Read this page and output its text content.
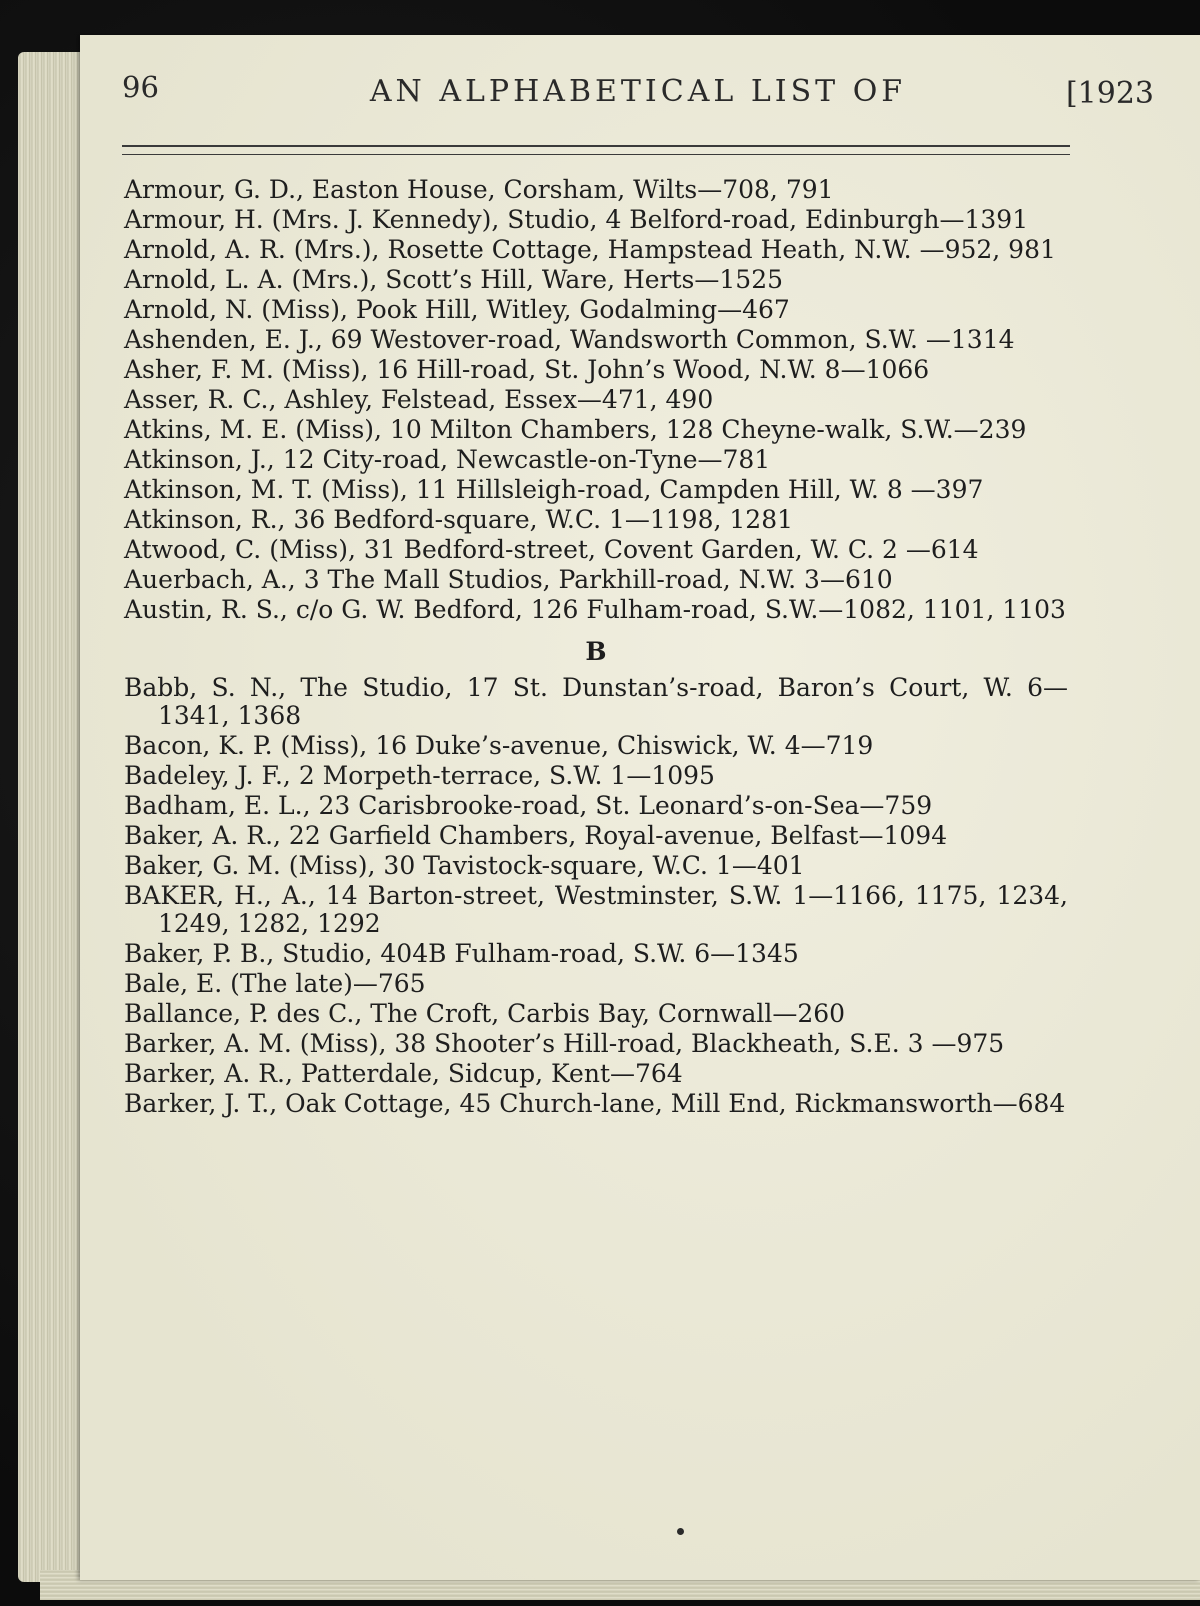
96	AN ALPHABETICAL LIST OF	[1923

Armour, G. D., Easton House, Corsham, Wilts—708, 791

Armour, H. (Mrs. J. Kennedy), Studio, 4 Belford-road, Edinburgh—1391

Arnold, A. R. (Mrs.), Rosette Cottage, Hampstead Heath, N.W. —952, 981

Arnold, L. A. (Mrs.), Scott’s Hill, Ware, Herts—1525

Arnold, N. (Miss), Pook Hill, Witley, Godalming—467

Ashenden, E. J., 69 Westover-road, Wandsworth Common, S.W. —1314

Asher, F. M. (Miss), 16 Hill-road, St. John’s Wood, N.W. 8—1066

Asser, R. C., Ashley, Felstead, Essex—471, 490

Atkins, M. E. (Miss), 10 Milton Chambers, 128 Cheyne-walk, S.W.—239

Atkinson, J., 12 City-road, Newcastle-on-Tyne—781

Atkinson, M. T. (Miss), 11 Hillsleigh-road, Campden Hill, W. 8 —397

Atkinson, R., 36 Bedford-square, W.C. 1—1198, 1281

Atwood, C. (Miss), 31 Bedford-street, Covent Garden, W. C. 2 —614

Auerbach, A., 3 The Mall Studios, Parkhill-road, N.W. 3—610

Austin, R. S., c/o G. W. Bedford, 126 Fulham-road, S.W.—1082, 1101, 1103

B

Babb, S. N., The Studio, 17 St. Dunstan’s-road, Baron’s Court, W. 6—1341, 1368

Bacon, K. P. (Miss), 16 Duke’s-avenue, Chiswick, W. 4—719

Badeley, J. F., 2 Morpeth-terrace, S.W. 1—1095

Badham, E. L., 23 Carisbrooke-road, St. Leonard’s-on-Sea—759

Baker, A. R., 22 Garfield Chambers, Royal-avenue, Belfast—1094

Baker, G. M. (Miss), 30 Tavistock-square, W.C. 1—401

BAKER, H., A., 14 Barton-street, Westminster, S.W. 1—1166, 1175, 1234, 1249, 1282, 1292

Baker, P. B., Studio, 404B Fulham-road, S.W. 6—1345

Bale, E. (The late)—765

Ballance, P. des C., The Croft, Carbis Bay, Cornwall—260

Barker, A. M. (Miss), 38 Shooter’s Hill-road, Blackheath, S.E. 3 —975

Barker, A. R., Patterdale, Sidcup, Kent—764

Barker, J. T., Oak Cottage, 45 Church-lane, Mill End, Rickmansworth—684
